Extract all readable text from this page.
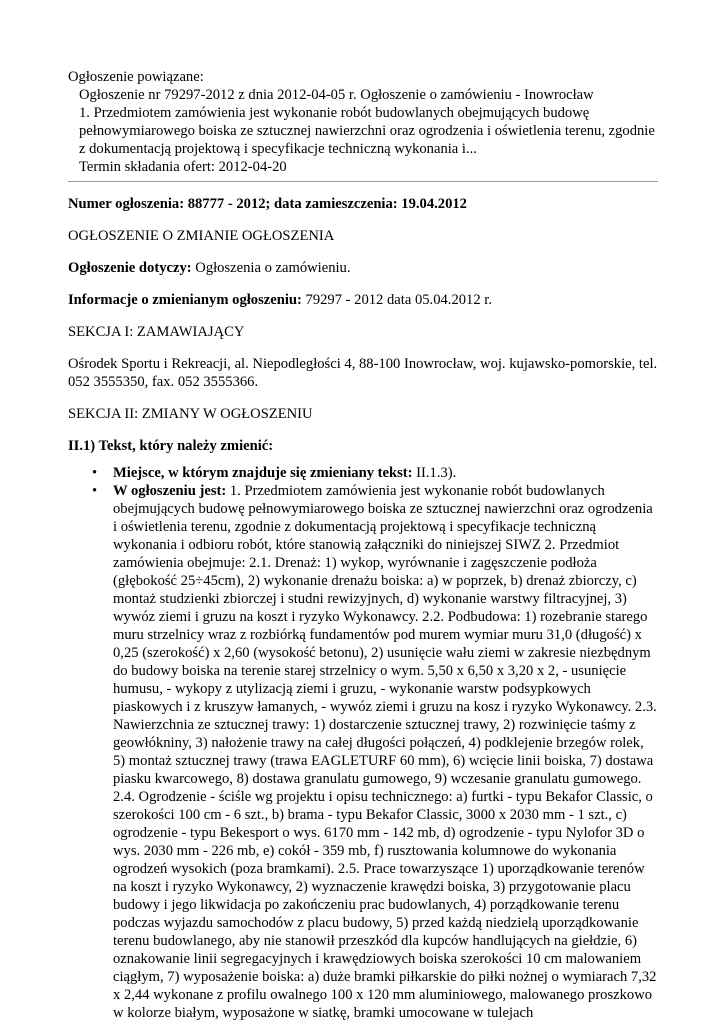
Ogłoszenie powiązane:
Ogłoszenie nr 79297-2012 z dnia 2012-04-05 r. Ogłoszenie o zamówieniu - Inowrocław
1. Przedmiotem zamówienia jest wykonanie robót budowlanych obejmujących budowę
pełnowymiarowego boiska ze sztucznej nawierzchni oraz ogrodzenia i oświetlenia terenu, zgodnie
z dokumentacją projektową i specyfikacje techniczną wykonania i...
Termin składania ofert: 2012-04-20
Numer ogłoszenia: 88777 - 2012; data zamieszczenia: 19.04.2012

OGŁOSZENIE O ZMIANIE OGŁOSZENIA

Ogłoszenie dotyczy: Ogłoszenia o zamówieniu.

Informacje o zmienianym ogłoszeniu: 79297 - 2012 data 05.04.2012 r.

SEKCJA I: ZAMAWIAJĄCY

Ośrodek Sportu i Rekreacji, al. Niepodległości 4, 88-100 Inowrocław, woj. kujawsko-pomorskie, tel. 052 3555350, fax. 052 3555366.

SEKCJA II: ZMIANY W OGŁOSZENIU

II.1) Tekst, który należy zmienić:

• Miejsce, w którym znajduje się zmieniany tekst: II.1.3).
• W ogłoszeniu jest: 1. Przedmiotem zamówienia jest wykonanie robót budowlanych obejmujących budowę pełnowymiarowego boiska ze sztucznej nawierzchni oraz ogrodzenia i oświetlenia terenu, zgodnie z dokumentacją projektową i specyfikacje techniczną wykonania i odbioru robót, które stanowią załączniki do niniejszej SIWZ 2. Przedmiot zamówienia obejmuje: 2.1. Drenaż: 1) wykop, wyrównanie i zagęszczenie podłoża (głębokość 25÷45cm), 2) wykonanie drenażu boiska: a) w poprzek, b) drenaż zbiorczy, c) montaż studzienki zbiorczej i studni rewizyjnych, d) wykonanie warstwy filtracyjnej, 3) wywóz ziemi i gruzu na koszt i ryzyko Wykonawcy. 2.2. Podbudowa: 1) rozebranie starego muru strzelnicy wraz z rozbiórką fundamentów pod murem wymiar muru 31,0 (długość) x 0,25 (szerokość) x 2,60 (wysokość betonu), 2) usunięcie wału ziemi w zakresie niezbędnym do budowy boiska na terenie starej strzelnicy o wym. 5,50 x 6,50 x 3,20 x 2, - usunięcie humusu, - wykopy z utylizacją ziemi i gruzu, - wykonanie warstw podsypkowych piaskowych i z kruszyw łamanych, - wywóz ziemi i gruzu na kosz i ryzyko Wykonawcy. 2.3. Nawierzchnia ze sztucznej trawy: 1) dostarczenie sztucznej trawy, 2) rozwinięcie taśmy z geowłókniny, 3) nałożenie trawy na całej długości połączeń, 4) podklejenie brzegów rolek, 5) montaż sztucznej trawy (trawa EAGLETURF 60 mm), 6) wcięcie linii boiska, 7) dostawa piasku kwarcowego, 8) dostawa granulatu gumowego, 9) wczesanie granulatu gumowego. 2.4. Ogrodzenie - ściśle wg projektu i opisu technicznego: a) furtki - typu Bekafor Classic, o szerokości 100 cm - 6 szt., b) brama - typu Bekafor Classic, 3000 x 2030 mm - 1 szt., c) ogrodzenie - typu Bekesport o wys. 6170 mm - 142 mb, d) ogrodzenie - typu Nylofor 3D o wys. 2030 mm - 226 mb, e) cokół - 359 mb, f) rusztowania kolumnowe do wykonania ogrodzeń wysokich (poza bramkami). 2.5. Prace towarzyszące 1) uporządkowanie terenów na koszt i ryzyko Wykonawcy, 2) wyznaczenie krawędzi boiska, 3) przygotowanie placu budowy i jego likwidacja po zakończeniu prac budowlanych, 4) porządkowanie terenu podczas wyjazdu samochodów z placu budowy, 5) przed każdą niedzielą uporządkowanie terenu budowlanego, aby nie stanowił przeszkód dla kupców handlujących na giełdzie, 6) oznakowanie linii segregacyjnych i krawędziowych boiska szerokości 10 cm malowaniem ciągłym, 7) wyposażenie boiska: a) duże bramki piłkarskie do piłki nożnej o wymiarach 7,32 x 2,44 wykonane z profilu owalnego 100 x 120 mm aluminiowego, malowanego proszkowo w kolorze białym, wyposażone w siatkę, bramki umocowane w tulejach
